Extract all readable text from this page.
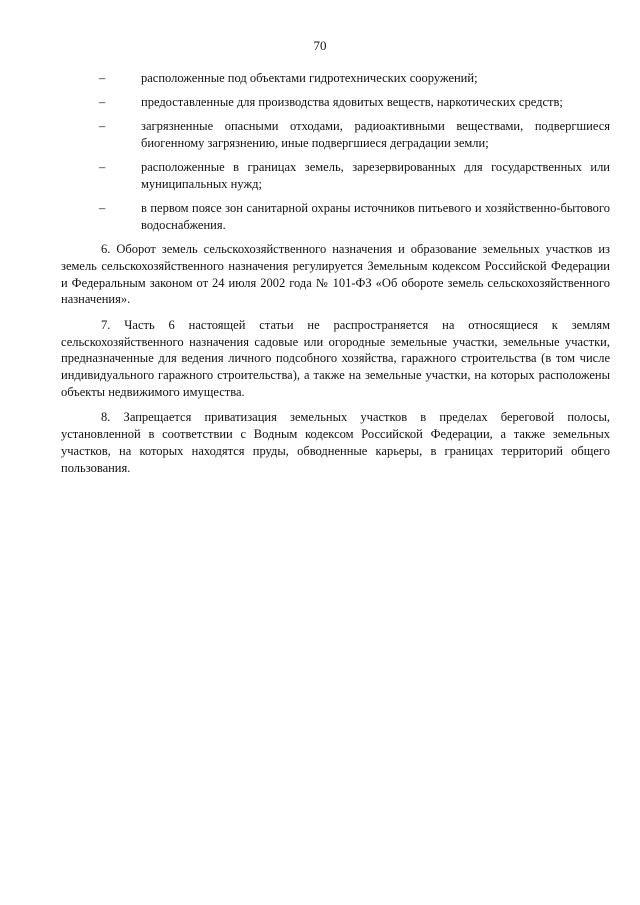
70
–	расположенные под объектами гидротехнических сооружений;
–	предоставленные для производства ядовитых веществ, наркотических средств;
–	загрязненные опасными отходами, радиоактивными веществами, подвергшиеся биогенному загрязнению, иные подвергшиеся деградации земли;
–	расположенные в границах земель, зарезервированных для государственных или муниципальных нужд;
–	в первом поясе зон санитарной охраны источников питьевого и хозяйственно-бытового водоснабжения.

6. Оборот земель сельскохозяйственного назначения и образование земельных участков из земель сельскохозяйственного назначения регулируется Земельным кодексом Российской Федерации и Федеральным законом от 24 июля 2002 года № 101-ФЗ «Об обороте земель сельскохозяйственного назначения».

7. Часть 6 настоящей статьи не распространяется на относящиеся к землям сельскохозяйственного назначения садовые или огородные земельные участки, земельные участки, предназначенные для ведения личного подсобного хозяйства, гаражного строительства (в том числе индивидуального гаражного строительства), а также на земельные участки, на которых расположены объекты недвижимого имущества.

8. Запрещается приватизация земельных участков в пределах береговой полосы, установленной в соответствии с Водным кодексом Российской Федерации, а также земельных участков, на которых находятся пруды, обводненные карьеры, в границах территорий общего пользования.
